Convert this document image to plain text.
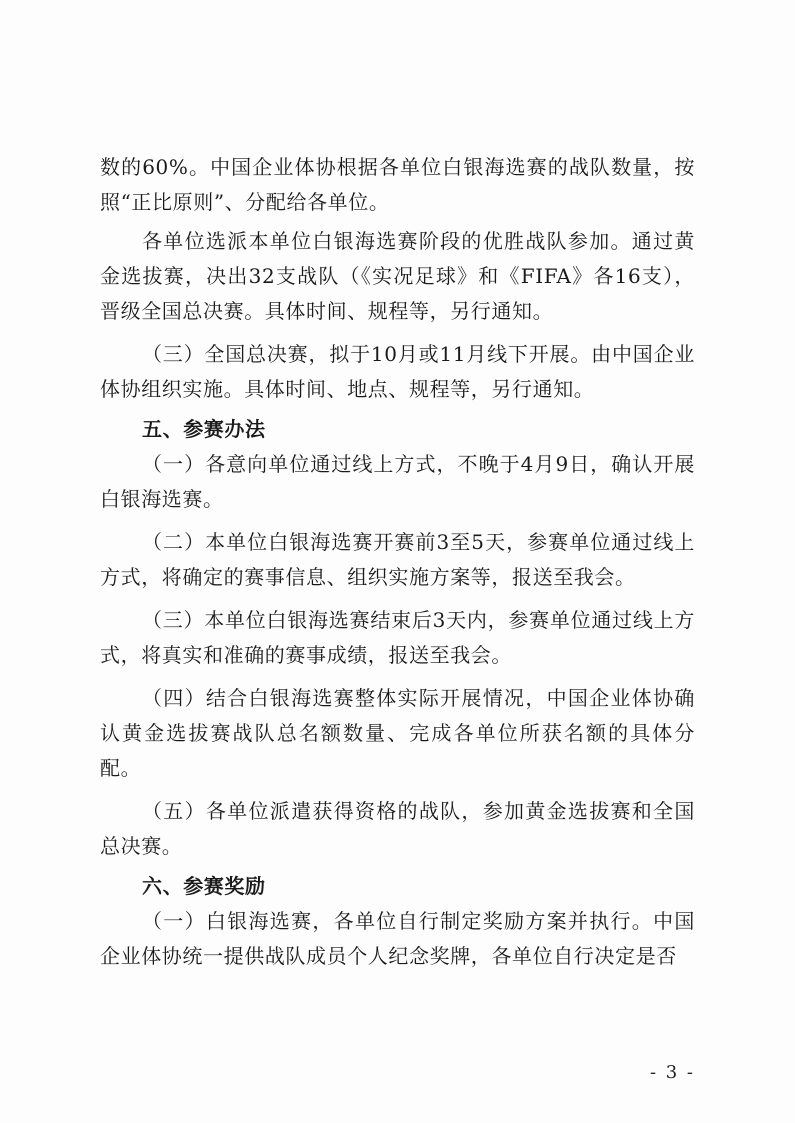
数的60%。中国企业体协根据各单位白银海选赛的战队数量，按照“正比原则”、分配给各单位。

各单位选派本单位白银海选赛阶段的优胜战队参加。通过黄金选拔赛，决出32支战队（《实况足球》和《FIFA》各16支），晋级全国总决赛。具体时间、规程等，另行通知。

（三）全国总决赛，拟于10月或11月线下开展。由中国企业体协组织实施。具体时间、地点、规程等，另行通知。

五、参赛办法

（一）各意向单位通过线上方式，不晚于4月9日，确认开展白银海选赛。

（二）本单位白银海选赛开赛前3至5天，参赛单位通过线上方式，将确定的赛事信息、组织实施方案等，报送至我会。

（三）本单位白银海选赛结束后3天内，参赛单位通过线上方式，将真实和准确的赛事成绩，报送至我会。

（四）结合白银海选赛整体实际开展情况，中国企业体协确认黄金选拔赛战队总名额数量、完成各单位所获名额的具体分配。

（五）各单位派遣获得资格的战队，参加黄金选拔赛和全国总决赛。

六、参赛奖励

（一）白银海选赛，各单位自行制定奖励方案并执行。中国企业体协统一提供战队成员个人纪念奖牌，各单位自行决定是否

- 3 -
